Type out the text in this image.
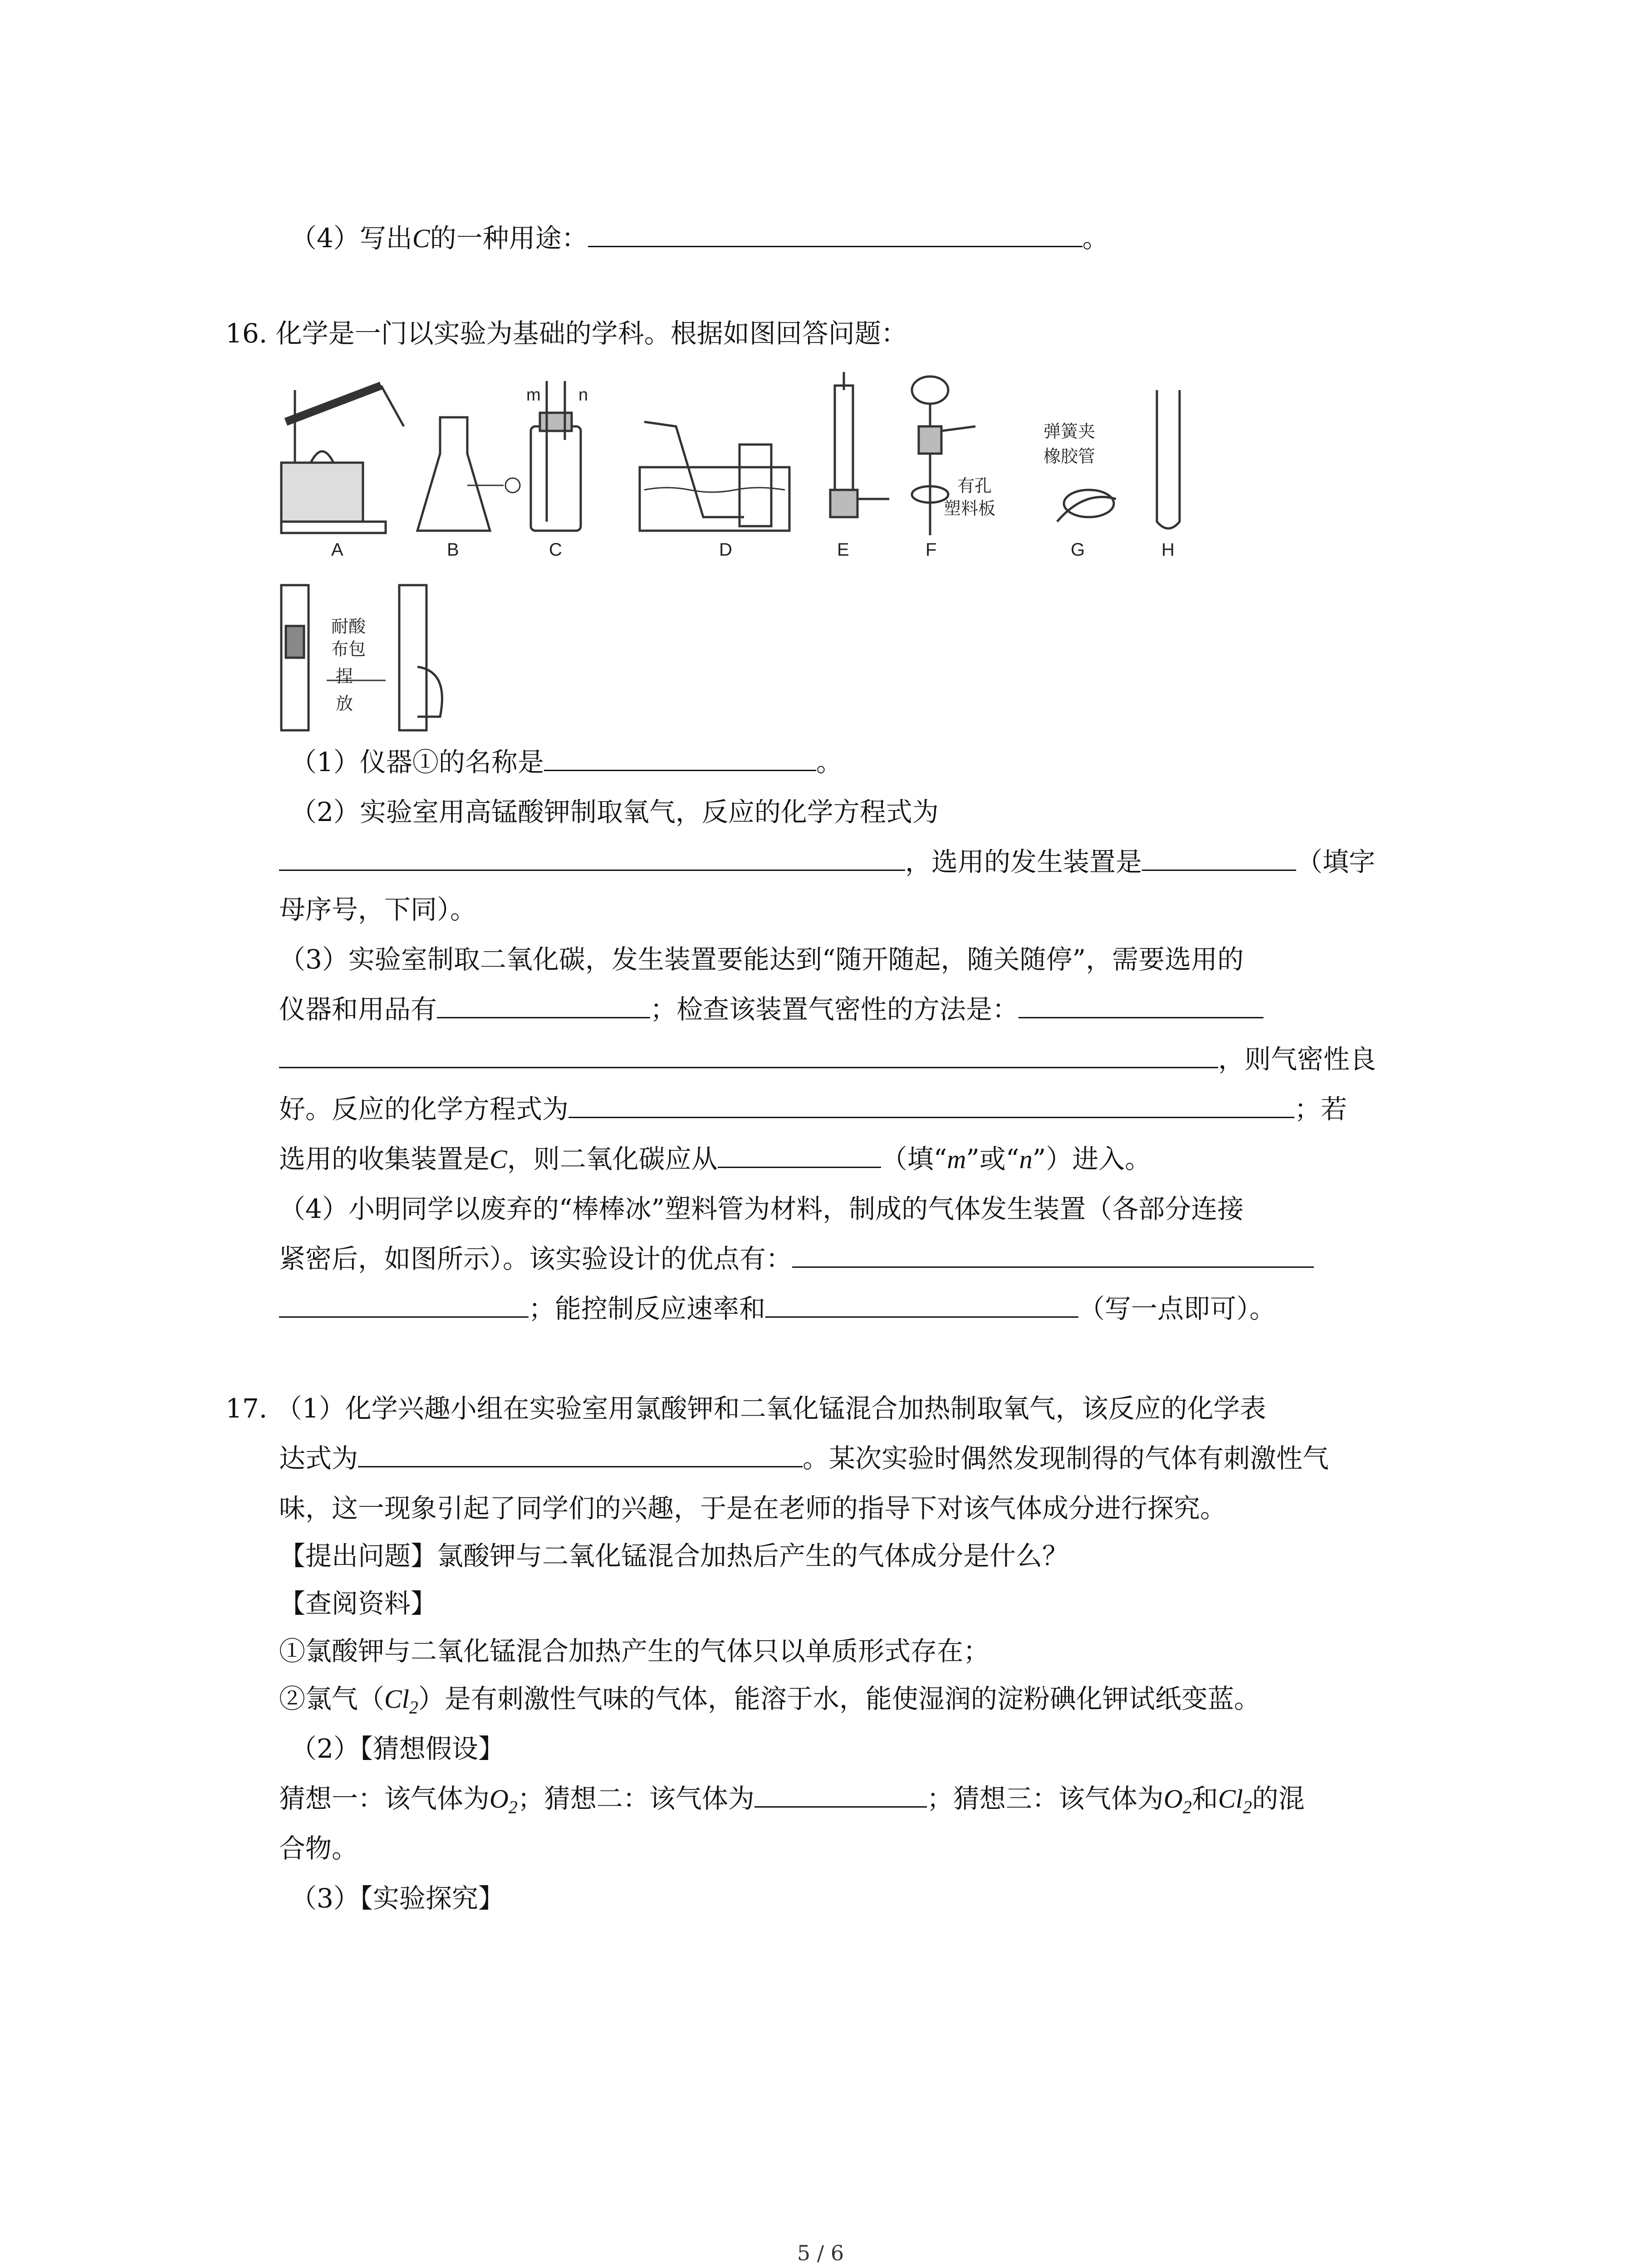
（4）写出C的一种用途：	。
16. 化学是一门以实验为基础的学科。根据如图回答问题：
A	B	C	D	E	F	G	H
m n
有孔
塑料板
弹簧夹
橡胶管
耐酸
布包
捏
放
（1）仪器①的名称是	。
（2）实验室用高锰酸钾制取氧气，反应的化学方程式为
，选用的发生装置是	（填字
母序号，下同）。
（3）实验室制取二氧化碳，发生装置要能达到“随开随起，随关随停”，需要选用的
仪器和用品有	；检查该装置气密性的方法是：
，则气密性良
好。反应的化学方程式为	；若
选用的收集装置是C，则二氧化碳应从	（填“m”或“n”）进入。
（4）小明同学以废弃的“棒棒冰”塑料管为材料，制成的气体发生装置（各部分连接
紧密后，如图所示）。该实验设计的优点有：
；能控制反应速率和	（写一点即可）。
17. （1）化学兴趣小组在实验室用氯酸钾和二氧化锰混合加热制取氧气，该反应的化学表
达式为	。某次实验时偶然发现制得的气体有刺激性气
味，这一现象引起了同学们的兴趣，于是在老师的指导下对该气体成分进行探究。
【提出问题】氯酸钾与二氧化锰混合加热后产生的气体成分是什么？
【查阅资料】
①氯酸钾与二氧化锰混合加热产生的气体只以单质形式存在；
②氯气$(Cl_2)$是有刺激性气味的气体，能溶于水，能使湿润的淀粉碘化钾试纸变蓝。
（2）【猜想假设】
猜想一：该气体为$O_2$；猜想二：该气体为	；猜想三：该气体为$O_2$和$Cl_2$的混
合物。
（3）【实验探究】
5 / 6
